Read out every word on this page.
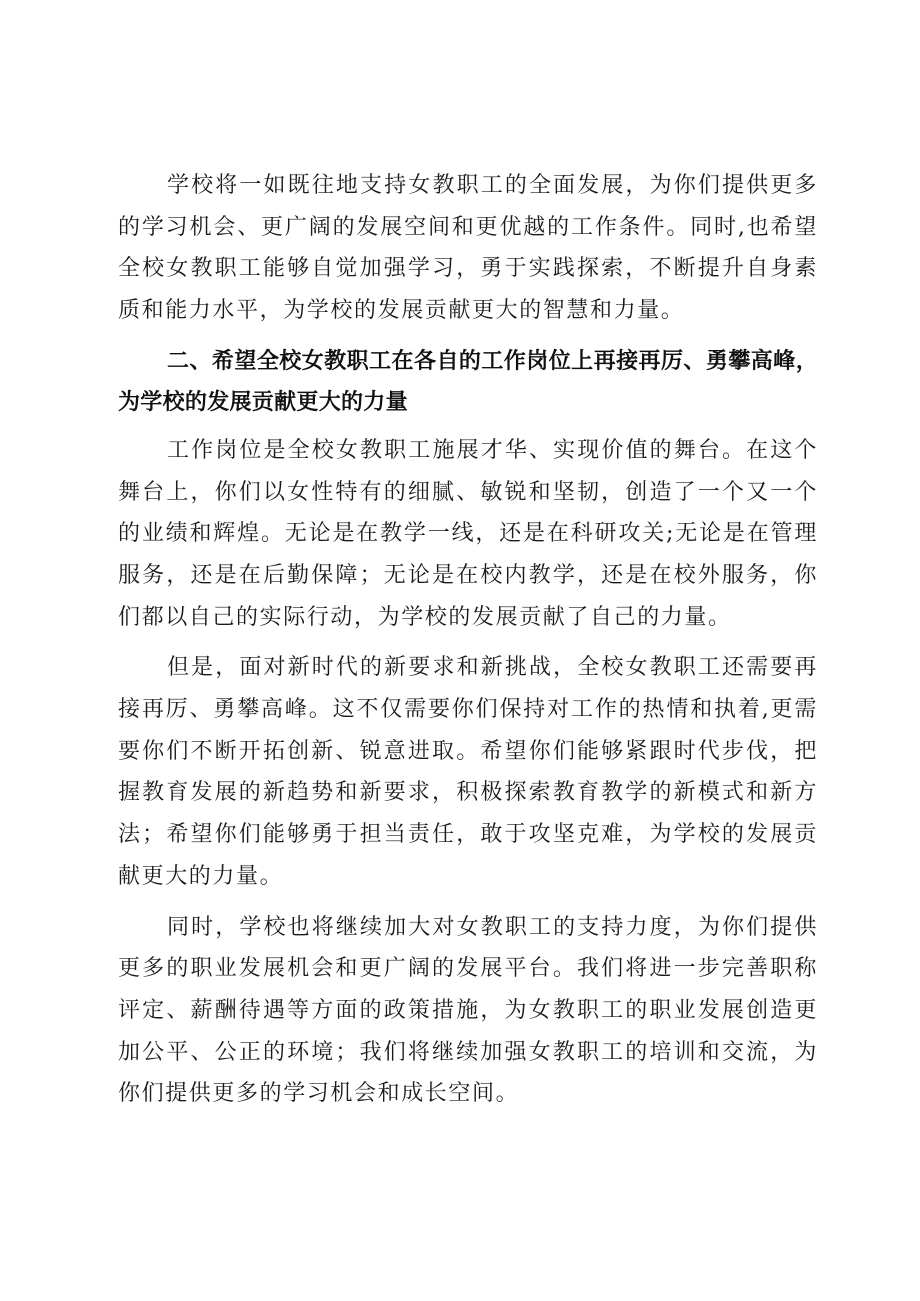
学校将一如既往地支持女教职工的全面发展，为你们提供更多的学习机会、更广阔的发展空间和更优越的工作条件。同时,也希望全校女教职工能够自觉加强学习，勇于实践探索，不断提升自身素质和能力水平，为学校的发展贡献更大的智慧和力量。

二、希望全校女教职工在各自的工作岗位上再接再厉、勇攀高峰，为学校的发展贡献更大的力量

工作岗位是全校女教职工施展才华、实现价值的舞台。在这个舞台上，你们以女性特有的细腻、敏锐和坚韧，创造了一个又一个的业绩和辉煌。无论是在教学一线，还是在科研攻关;无论是在管理服务，还是在后勤保障；无论是在校内教学，还是在校外服务，你们都以自己的实际行动，为学校的发展贡献了自己的力量。

但是，面对新时代的新要求和新挑战，全校女教职工还需要再接再厉、勇攀高峰。这不仅需要你们保持对工作的热情和执着,更需要你们不断开拓创新、锐意进取。希望你们能够紧跟时代步伐，把握教育发展的新趋势和新要求，积极探索教育教学的新模式和新方法；希望你们能够勇于担当责任，敢于攻坚克难，为学校的发展贡献更大的力量。

同时，学校也将继续加大对女教职工的支持力度，为你们提供更多的职业发展机会和更广阔的发展平台。我们将进一步完善职称评定、薪酬待遇等方面的政策措施，为女教职工的职业发展创造更加公平、公正的环境；我们将继续加强女教职工的培训和交流，为你们提供更多的学习机会和成长空间。
